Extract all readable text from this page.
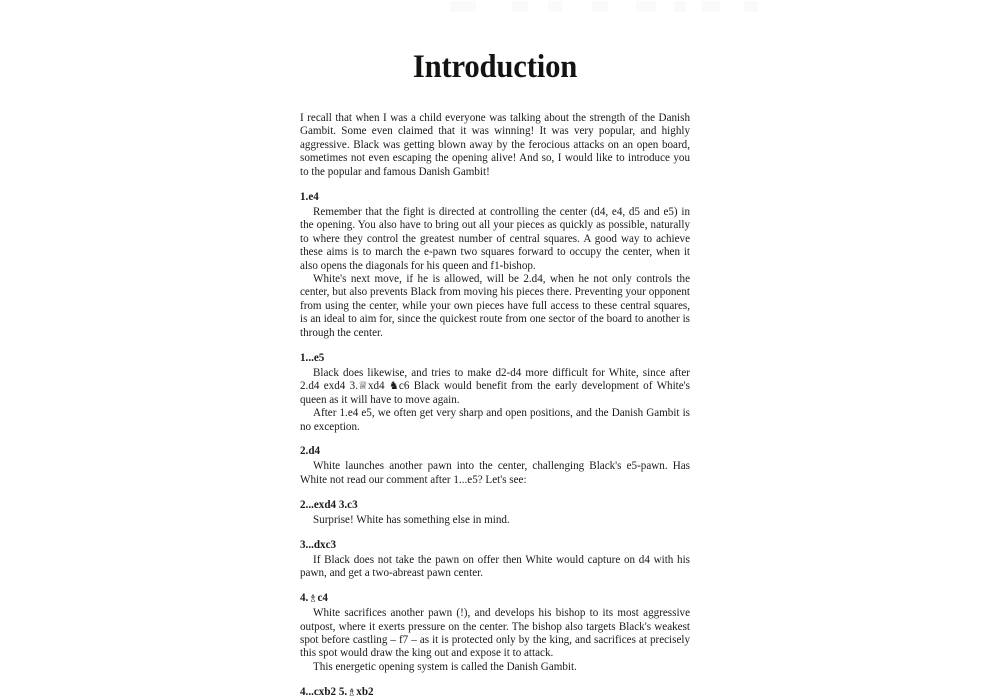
Introduction

I recall that when I was a child everyone was talking about the strength of the Danish Gambit. Some even claimed that it was winning! It was very popular, and highly aggressive. Black was getting blown away by the ferocious attacks on an open board, sometimes not even escaping the opening alive! And so, I would like to introduce you to the popular and famous Danish Gambit!

1.e4

Remember that the fight is directed at controlling the center (d4, e4, d5 and e5) in the opening. You also have to bring out all your pieces as quickly as possible, naturally to where they control the greatest number of central squares. A good way to achieve these aims is to march the e-pawn two squares forward to occupy the center, when it also opens the diagonals for his queen and f1-bishop.

White's next move, if he is allowed, will be 2.d4, when he not only controls the center, but also prevents Black from moving his pieces there. Preventing your opponent from using the center, while your own pieces have full access to these central squares, is an ideal to aim for, since the quickest route from one sector of the board to another is through the center.

1...e5

Black does likewise, and tries to make d2-d4 more difficult for White, since after 2.d4 exd4 3.♕xd4 ♞c6 Black would benefit from the early development of White's queen as it will have to move again.

After 1.e4 e5, we often get very sharp and open positions, and the Danish Gambit is no exception.

2.d4

White launches another pawn into the center, challenging Black's e5-pawn. Has White not read our comment after 1...e5? Let's see:

2...exd4 3.c3

Surprise! White has something else in mind.

3...dxc3

If Black does not take the pawn on offer then White would capture on d4 with his pawn, and get a two-abreast pawn center.

4.♗c4

White sacrifices another pawn (!), and develops his bishop to its most aggressive outpost, where it exerts pressure on the center. The bishop also targets Black's weakest spot before castling – f7 – as it is protected only by the king, and sacrifices at precisely this spot would draw the king out and expose it to attack.

This energetic opening system is called the Danish Gambit.

4...cxb2 5.♗xb2
